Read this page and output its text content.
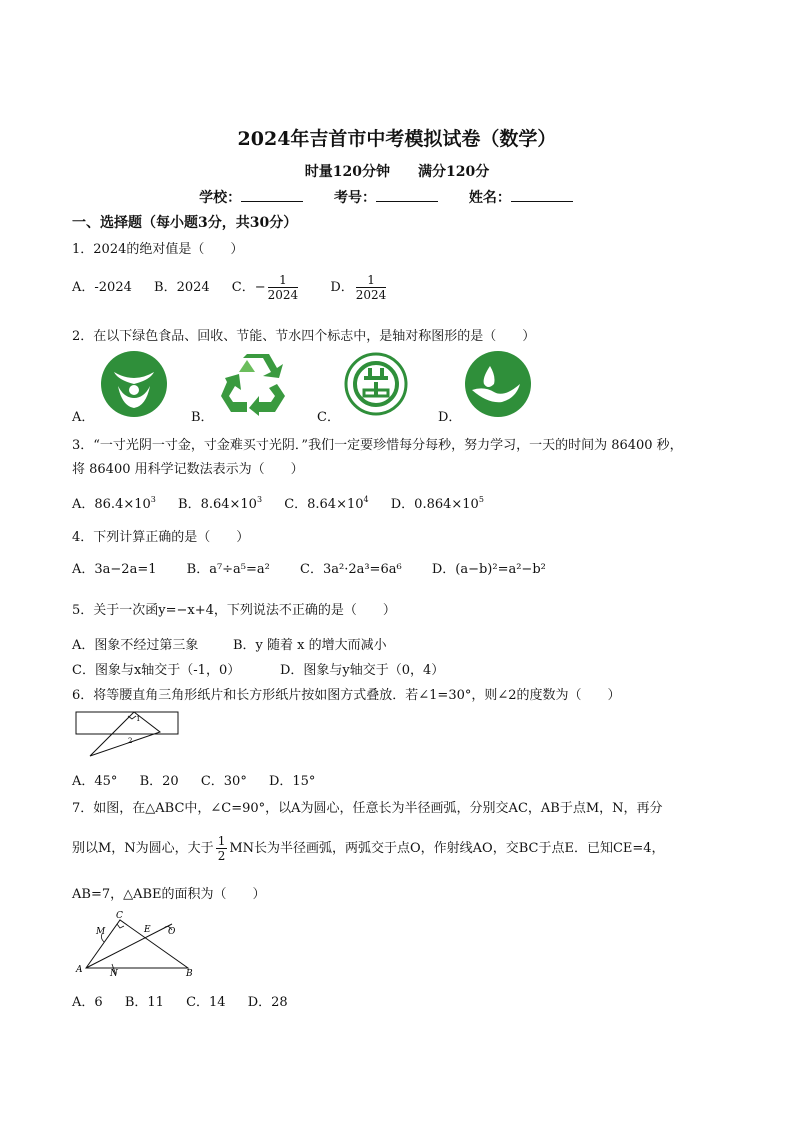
2024年吉首市中考模拟试卷（数学）
时量120分钟　　满分120分
学校：	考号：	姓名：
一、选择题（每小题3分，共30分）
1．2024的绝对值是（　　）
A．-2024 B．2024 C．− $\frac{1}{2024}$ D． $\frac{1}{2024}$
2．在以下绿色食品、回收、节能、节水四个标志中，是轴对称图形的是（　　）
A．	B．	C．	D．
3．“一寸光阴一寸金，寸金难买寸光阴．”我们一定要珍惜每分每秒，努力学习，一天的时间为 86400 秒，
将 86400 用科学记数法表示为（　　）
A．$86.4\times 10^3$ B．$8.64\times 10^3$ C．$8.64\times 10^4$ D．$0.864\times 10^5$
4．下列计算正确的是（　　）
A．3a−2a=1 B．a⁷÷a⁵=a² C．3a²·2a³=6a⁶ D．(a−b)²=a²−b²
5．关于一次函y=−x+4，下列说法不正确的是（　　）
A．图象不经过第三象	B．y 随着 x 的增大而减小
C．图象与x轴交于（-1，0）	D．图象与y轴交于（0，4）
6．将等腰直角三角形纸片和长方形纸片按如图方式叠放．若∠1=30°，则∠2的度数为（　　）
1
2
A．45° B．20 C．30° D．15°
7．如图，在△ABC中，∠C=90°，以A为圆心，任意长为半径画弧，分别交AC，AB于点M，N，再分
别以M，N为圆心，大于 $\frac{1}{2}$ MN长为半径画弧，两弧交于点O，作射线AO，交BC于点E．已知CE=4，
AB=7，△ABE的面积为（　　）
C
M	E O
A	N	B
A．6 B．11 C．14 D．28
